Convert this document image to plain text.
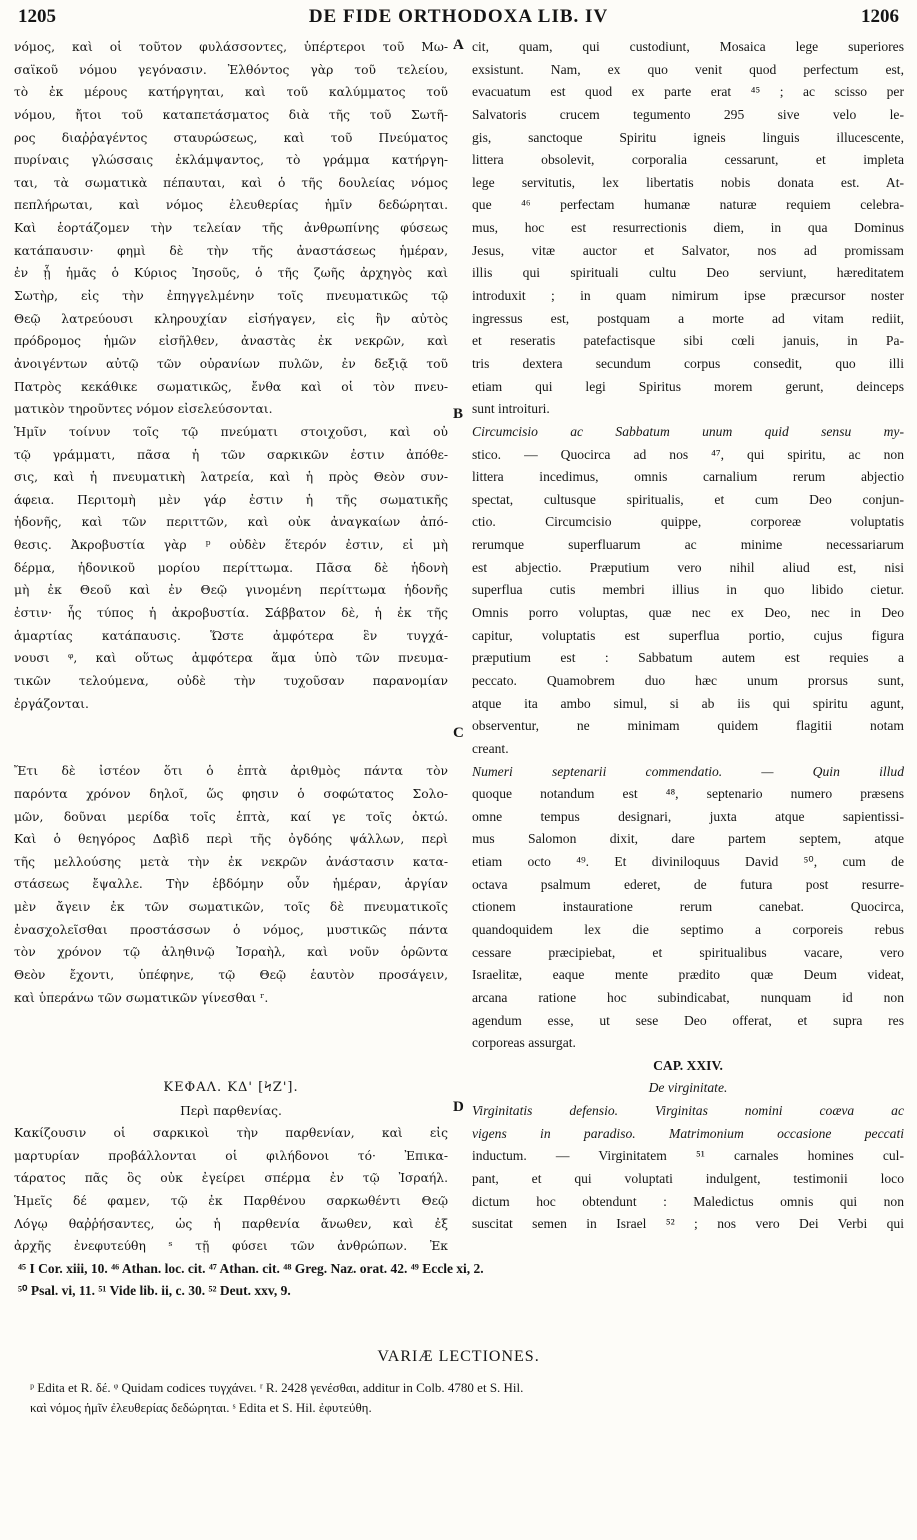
1205	DE FIDE ORTHODOXA LIB. IV	1206
A
B
C
D
νόμος, καὶ οἱ τοῦτον φυλάσσοντες, ὑπέρτεροι τοῦ Μω-
σαϊκοῦ νόμου γεγόνασιν. Ἐλθόντος γὰρ τοῦ τελείου,
τὸ ἐκ μέρους κατήργηται, καὶ τοῦ καλύμματος τοῦ
νόμου, ἤτοι τοῦ καταπετάσματος διὰ τῆς τοῦ Σωτῆ-
ρος διαῤῥαγέντος σταυρώσεως, καὶ τοῦ Πνεύματος
πυρίναις γλώσσαις ἐκλάμψαντος, τὸ γράμμα κατήργη-
ται, τὰ σωματικὰ πέπαυται, καὶ ὁ τῆς δουλείας νόμος
πεπλήρωται, καὶ νόμος ἐλευθερίας ἡμῖν δεδώρηται.
Καὶ ἑορτάζομεν τὴν τελείαν τῆς ἀνθρωπίνης φύσεως
κατάπαυσιν· φημὶ δὲ τὴν τῆς ἀναστάσεως ἡμέραν,
ἐν ᾗ ἡμᾶς ὁ Κύριος Ἰησοῦς, ὁ τῆς ζωῆς ἀρχηγὸς καὶ
Σωτὴρ, εἰς τὴν ἐπηγγελμένην τοῖς πνευματικῶς τῷ
Θεῷ λατρεύουσι κληρουχίαν εἰσήγαγεν, εἰς ἣν αὐτὸς
πρόδρομος ἡμῶν εἰσῆλθεν, ἀναστὰς ἐκ νεκρῶν, καὶ
ἀνοιγέντων αὐτῷ τῶν οὐρανίων πυλῶν, ἐν δεξιᾷ τοῦ
Πατρὸς κεκάθικε σωματικῶς, ἔνθα καὶ οἱ τὸν πνευ-
ματικὸν τηροῦντες νόμον εἰσελεύσονται.
Ἡμῖν τοίνυν τοῖς τῷ πνεύματι στοιχοῦσι, καὶ οὐ
τῷ γράμματι, πᾶσα ἡ τῶν σαρκικῶν ἐστιν ἀπόθε-
σις, καὶ ἡ πνευματικὴ λατρεία, καὶ ἡ πρὸς Θεὸν συν-
άφεια. Περιτομὴ μὲν γάρ ἐστιν ἡ τῆς σωματικῆς
ἡδονῆς, καὶ τῶν περιττῶν, καὶ οὐκ ἀναγκαίων ἀπό-
θεσις. Ἀκροβυστία γὰρ ᵖ οὐδὲν ἕτερόν ἐστιν, εἰ μὴ
δέρμα, ἡδονικοῦ μορίου περίττωμα. Πᾶσα δὲ ἡδονὴ
μὴ ἐκ Θεοῦ καὶ ἐν Θεῷ γινομένη περίττωμα ἡδονῆς
ἐστιν· ἧς τύπος ἡ ἀκροβυστία. Σάββατον δὲ, ἡ ἐκ τῆς
ἁμαρτίας κατάπαυσις. Ὥστε ἀμφότερα ἓν τυγχά-
νουσι ᵠ, καὶ οὕτως ἀμφότερα ἅμα ὑπὸ τῶν πνευμα-
τικῶν τελούμενα, οὐδὲ τὴν τυχοῦσαν παρανομίαν
ἐργάζονται.
Ἔτι δὲ ἰστέον ὅτι ὁ ἑπτὰ ἀριθμὸς πάντα τὸν
παρόντα χρόνον δηλοῖ, ὥς φησιν ὁ σοφώτατος Σολο-
μῶν, δοῦναι μερίδα τοῖς ἑπτὰ, καί γε τοῖς ὀκτώ.
Καὶ ὁ θεηγόρος Δαβὶδ περὶ τῆς ὀγδόης ψάλλων, περὶ
τῆς μελλούσης μετὰ τὴν ἐκ νεκρῶν ἀνάστασιν κατα-
στάσεως ἔψαλλε. Τὴν ἑβδόμην οὖν ἡμέραν, ἀργίαν
μὲν ἄγειν ἐκ τῶν σωματικῶν, τοῖς δὲ πνευματικοῖς
ἐνασχολεῖσθαι προστάσσων ὁ νόμος, μυστικῶς πάντα
τὸν χρόνον τῷ ἀληθινῷ Ἰσραὴλ, καὶ νοῦν ὁρῶντα
Θεὸν ἔχοντι, ὑπέφηνε, τῷ Θεῷ ἑαυτὸν προσάγειν,
καὶ ὑπεράνω τῶν σωματικῶν γίνεσθαι ʳ.
ΚΕΦΑΛ. ΚΔ' [ϞΖ'].
Περὶ παρθενίας.
Κακίζουσιν οἱ σαρκικοὶ τὴν παρθενίαν, καὶ εἰς
μαρτυρίαν προβάλλονται οἱ φιλήδονοι τό· Ἐπικα-
τάρατος πᾶς ὃς οὐκ ἐγείρει σπέρμα ἐν τῷ Ἰσραήλ.
Ἡμεῖς δέ φαμεν, τῷ ἐκ Παρθένου σαρκωθέντι Θεῷ
Λόγῳ θαῤῥήσαντες, ὡς ἡ παρθενία ἄνωθεν, καὶ ἐξ
ἀρχῆς ἐνεφυτεύθη ˢ τῇ φύσει τῶν ἀνθρώπων. Ἐκ
cit, quam, qui custodiunt, Mosaica lege superiores
exsistunt. Nam, ex quo venit quod perfectum est,
evacuatum est quod ex parte erat ⁴⁵ ; ac scisso per
Salvatoris crucem tegumento 295 sive velo le-
gis, sanctoque Spiritu igneis linguis illucescente,
littera obsolevit, corporalia cessarunt, et impleta
lege servitutis, lex libertatis nobis donata est. At-
que ⁴⁶ perfectam humanæ naturæ requiem celebra-
mus, hoc est resurrectionis diem, in qua Dominus
Jesus, vitæ auctor et Salvator, nos ad promissam
illis qui spirituali cultu Deo serviunt, hæreditatem
introduxit ; in quam nimirum ipse præcursor noster
ingressus est, postquam a morte ad vitam rediit,
et reseratis patefactisque sibi cœli januis, in Pa-
tris dextera secundum corpus consedit, quo illi
etiam qui legi Spiritus morem gerunt, deinceps
sunt introituri.
Circumcisio ac Sabbatum unum quid sensu my-
stico. — Quocirca ad nos ⁴⁷, qui spiritu, ac non
littera incedimus, omnis carnalium rerum abjectio
spectat, cultusque spiritualis, et cum Deo conjun-
ctio. Circumcisio quippe, corporeæ voluptatis
rerumque superfluarum ac minime necessariarum
est abjectio. Præputium vero nihil aliud est, nisi
superflua cutis membri illius in quo libido cietur.
Omnis porro voluptas, quæ nec ex Deo, nec in Deo
capitur, voluptatis est superflua portio, cujus figura
præputium est : Sabbatum autem est requies a
peccato. Quamobrem duo hæc unum prorsus sunt,
atque ita ambo simul, si ab iis qui spiritu agunt,
observentur, ne minimam quidem flagitii notam
creant.
Numeri septenarii commendatio. — Quin illud
quoque notandum est ⁴⁸, septenario numero præsens
omne tempus designari, juxta atque sapientissi-
mus Salomon dixit, dare partem septem, atque
etiam octo ⁴⁹. Et diviniloquus David ⁵⁰, cum de
octava psalmum ederet, de futura post resurre-
ctionem instauratione rerum canebat. Quocirca,
quandoquidem lex die septimo a corporeis rebus
cessare præcipiebat, et spiritualibus vacare, vero
Israelitæ, eaque mente prædito quæ Deum videat,
arcana ratione hoc subindicabat, nunquam id non
agendum esse, ut sese Deo offerat, et supra res
corporeas assurgat.
CAP. XXIV.
De virginitate.
Virginitatis defensio. Virginitas nomini coæva ac
vigens in paradiso. Matrimonium occasione peccati
inductum. — Virginitatem ⁵¹ carnales homines cul-
pant, et qui voluptati indulgent, testimonii loco
dictum hoc obtendunt : Maledictus omnis qui non
suscitat semen in Israel ⁵² ; nos vero Dei Verbi qui
⁴⁵ I Cor. xiii, 10. ⁴⁶ Athan. loc. cit. ⁴⁷ Athan. cit. ⁴⁸ Greg. Naz. orat. 42. ⁴⁹ Eccle xi, 2.
⁵⁰ Psal. vi, 11. ⁵¹ Vide lib. ii, c. 30. ⁵² Deut. xxv, 9.
VARIÆ LECTIONES.
ᵖ Edita et R. δέ. ᵠ Quidam codices τυγχάνει. ʳ R. 2428 γενέσθαι, additur in Colb. 4780 et S. Hil.
καὶ νόμος ἡμῖν ἐλευθερίας δεδώρηται. ˢ Edita et S. Hil. ἐφυτεύθη.
